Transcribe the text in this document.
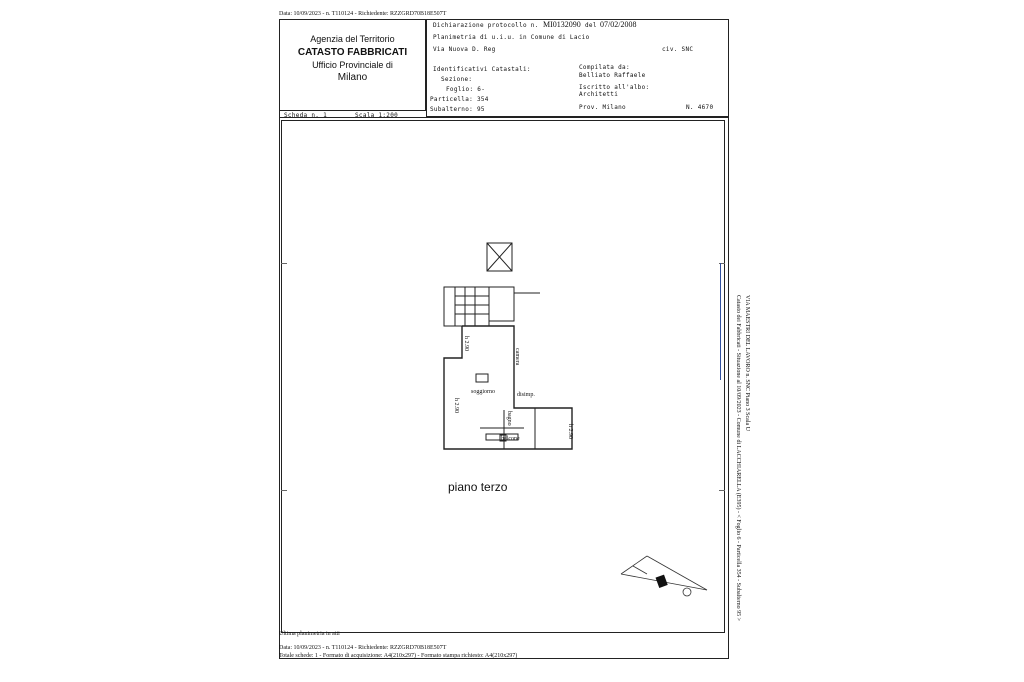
Data: 10/09/2023 - n. T110124 - Richiedente: RZZGRD70B18E507T
Agenzia del Territorio
CATASTO FABBRICATI
Ufficio Provinciale di
Milano
Dichiarazione protocollo n. MI0132090 del 07/02/2008
Planimetria di u.i.u. in Comune di Lacio
Via Nuova D. Reg	civ. SNC
Identificativi Catastali:
Sezione:
Foglio: 6-
Particella: 354
Subalterno: 95
Compilata da:
Belliato Raffaele
Iscritto all'albo:
Architetti
Prov. Milano	N. 4670
Scheda n. 1	Scala 1:200
soggiorno
balcone
disimp.
bagno
camera
h 2.90
h 2.90
h 2.90
piano terzo
Ultima planimetria in atti
Data: 10/09/2023 - n. T110124 - Richiedente: RZZGRD70B18E507T
Totale schede: 1 - Formato di acquisizione: A4(210x297) - Formato stampa richiesto: A4(210x297)
Catasto dei Fabbricati - Situazione al 10/09/2023 - Comune di LACCHIARELLA (E395) - < Foglio 6 - Particella 354 - Subalterno 95 > VIA MAESTRI DEL LAVORO n. SNC Piano 3 Scala U
